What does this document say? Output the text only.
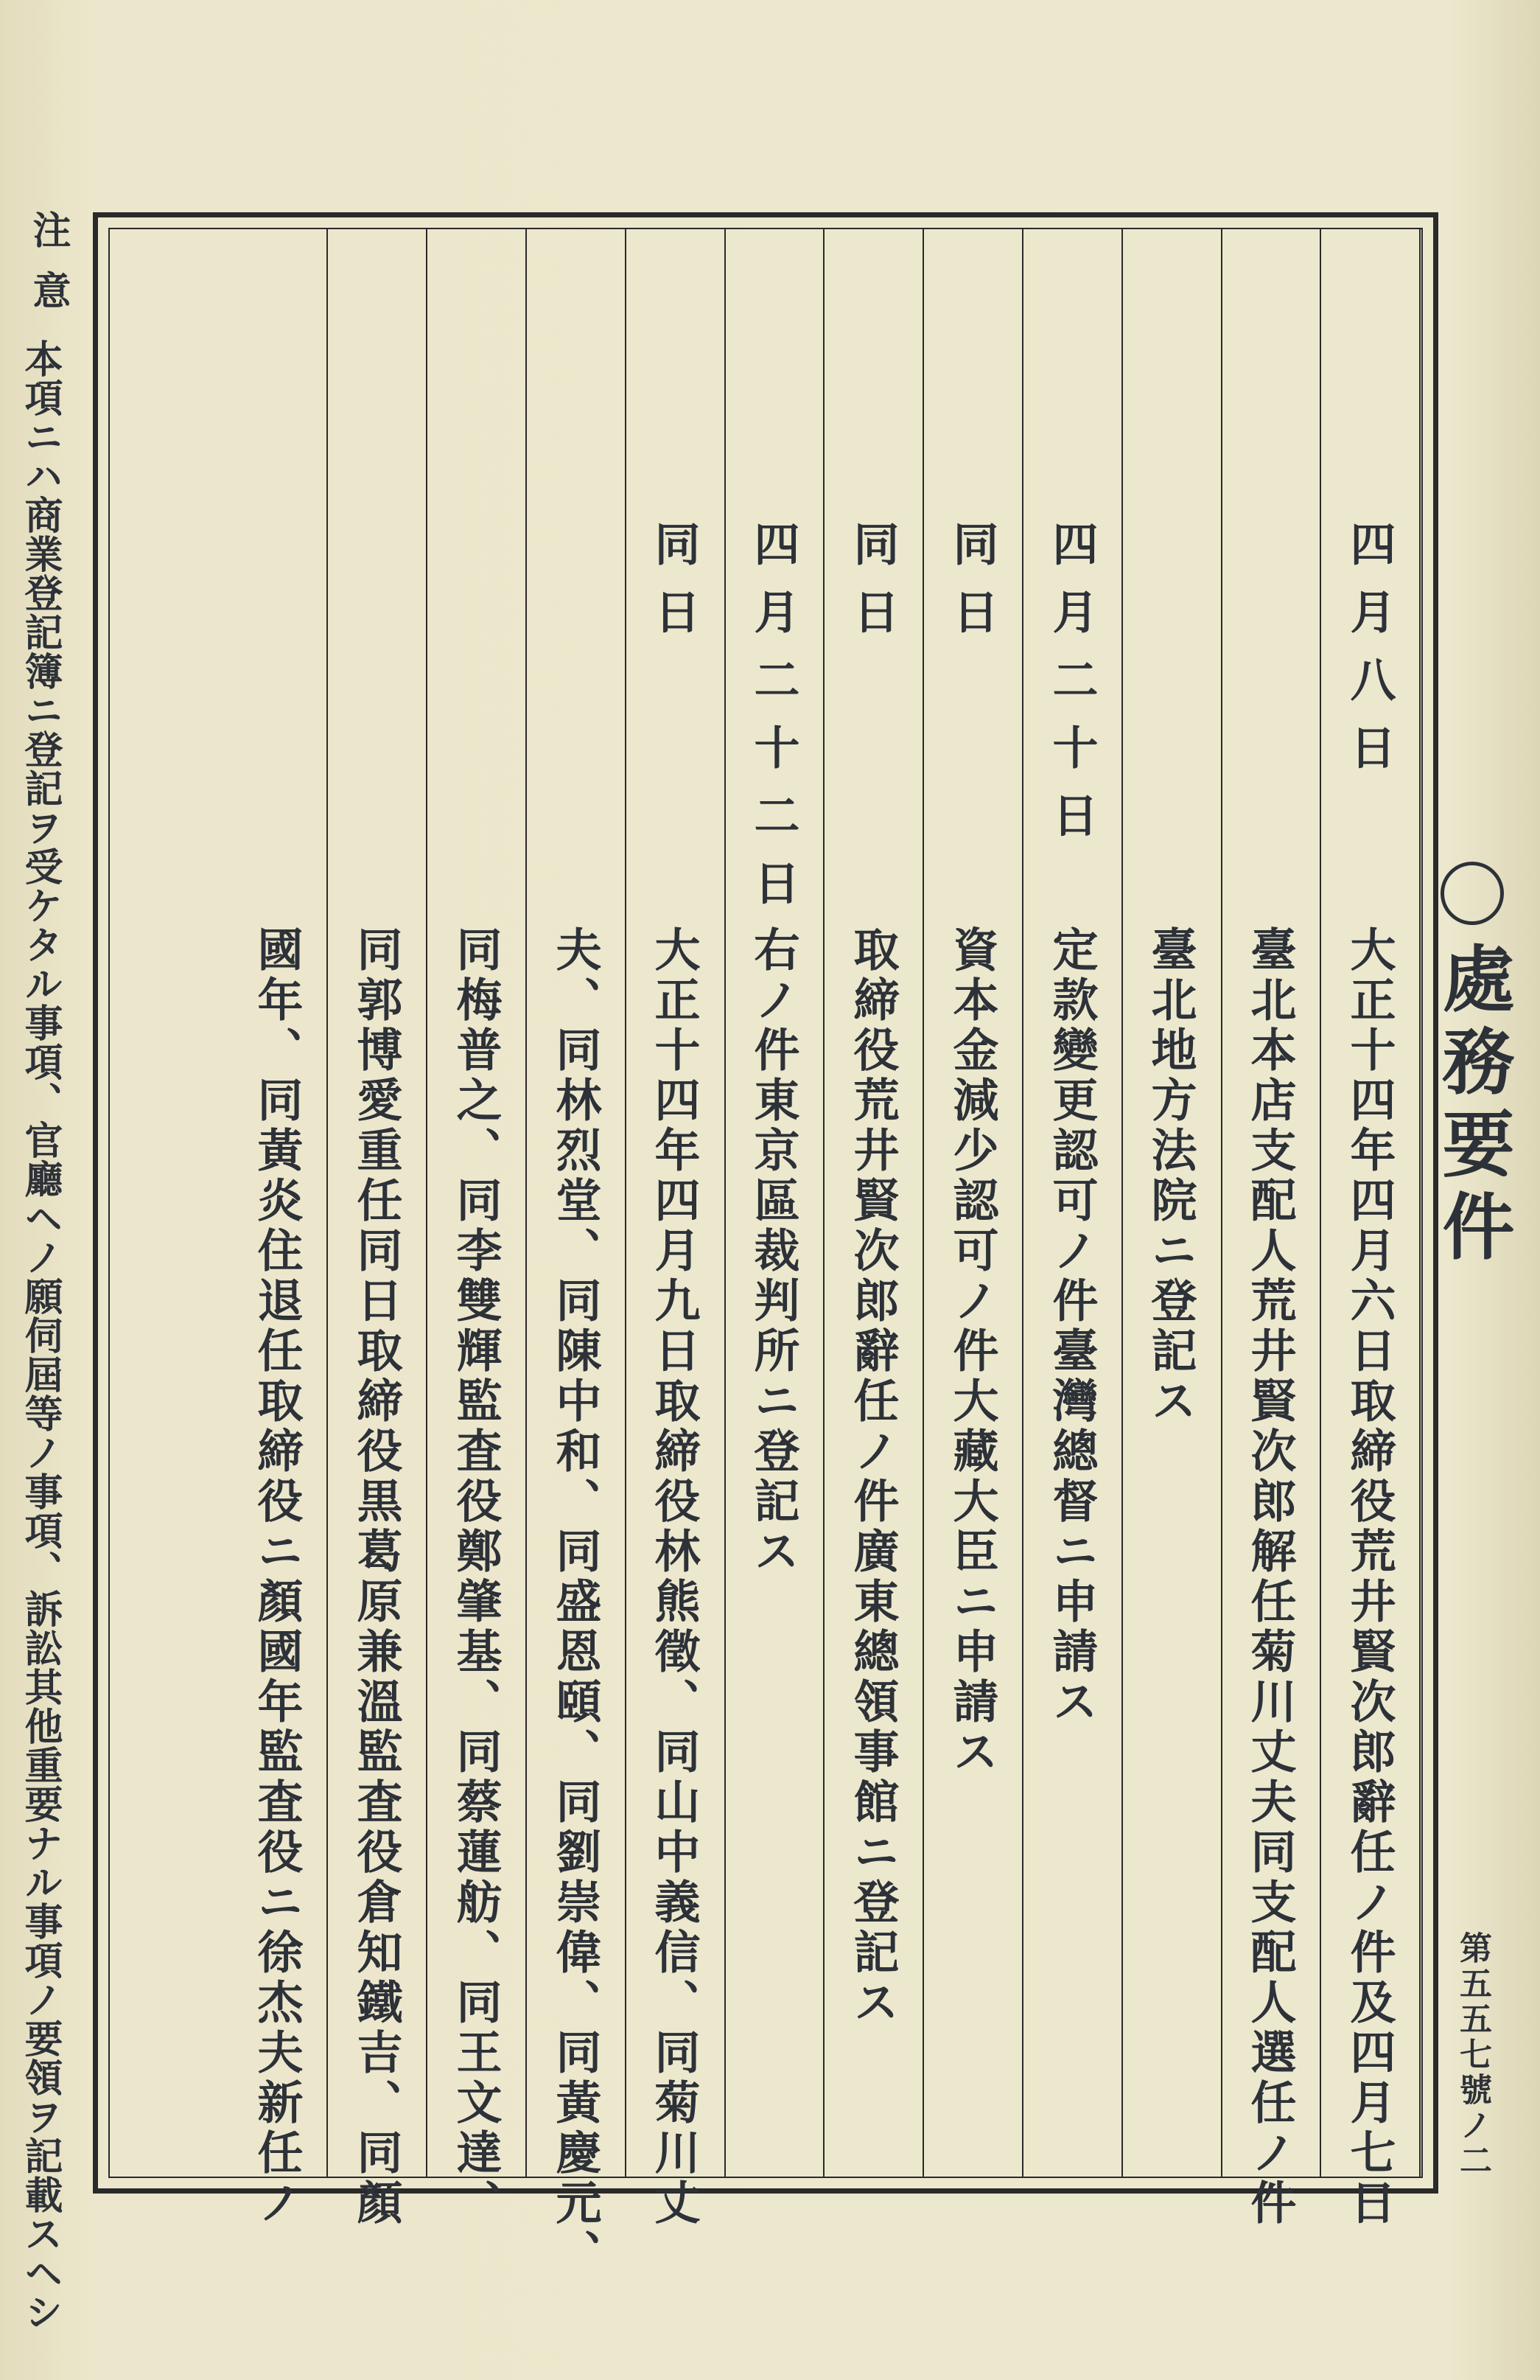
第五五七號ノ二
注意
本項ニハ商業登記簿ニ登記ヲ受ケタル事項、官廳ヘノ願伺屆等ノ事項、訴訟其他重要ナル事項ノ要領ヲ記載スヘシ	處務要件
四月八日
大正十四年四月六日取締役荒井賢次郎辭任ノ件及四月七日
臺北本店支配人荒井賢次郎解任菊川丈夫同支配人選任ノ件
臺北地方法院ニ登記ス
四月二十日
定款變更認可ノ件臺灣總督ニ申請ス
同日
資本金減少認可ノ件大藏大臣ニ申請ス
同日
取締役荒井賢次郎辭任ノ件廣東總領事館ニ登記ス
四月二十二日
右ノ件東京區裁判所ニ登記ス
同日
大正十四年四月九日取締役林熊徵、同山中義信、同菊川丈
夫、同林烈堂、同陳中和、同盛恩頤、同劉崇偉、同黃慶元、
同梅普之、同李雙輝監査役鄭肇基、同蔡蓮舫、同王文達、
同郭博愛重任同日取締役黒葛原兼溫監査役倉知鐵吉、同顏
國年、同黃炎住退任取締役ニ顏國年監査役ニ徐杰夫新任ノ
